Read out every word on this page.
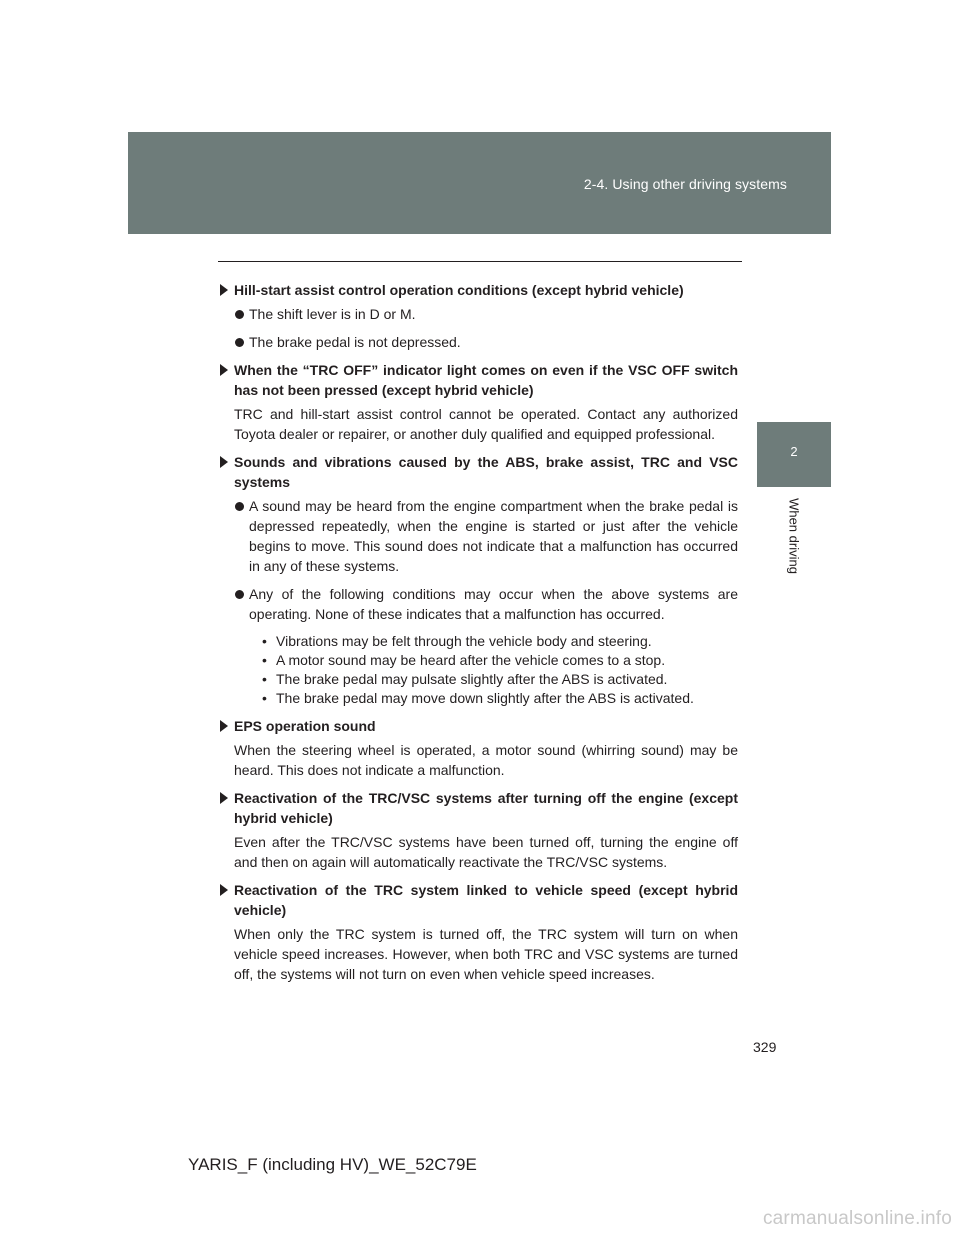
2-4. Using other driving systems
2
When driving
Hill-start assist control operation conditions (except hybrid vehicle)
The shift lever is in D or M.
The brake pedal is not depressed.
When the “TRC OFF” indicator light comes on even if the VSC OFF switch has not been pressed (except hybrid vehicle)
TRC and hill-start assist control cannot be operated. Contact any authorized Toyota dealer or repairer, or another duly qualified and equipped professional.
Sounds and vibrations caused by the ABS, brake assist, TRC and VSC systems
A sound may be heard from the engine compartment when the brake pedal is depressed repeatedly, when the engine is started or just after the vehicle begins to move. This sound does not indicate that a malfunction has occurred in any of these systems.
Any of the following conditions may occur when the above systems are operating. None of these indicates that a malfunction has occurred.
• Vibrations may be felt through the vehicle body and steering.
• A motor sound may be heard after the vehicle comes to a stop.
• The brake pedal may pulsate slightly after the ABS is activated.
• The brake pedal may move down slightly after the ABS is activated.
EPS operation sound
When the steering wheel is operated, a motor sound (whirring sound) may be heard. This does not indicate a malfunction.
Reactivation of the TRC/VSC systems after turning off the engine (except hybrid vehicle)
Even after the TRC/VSC systems have been turned off, turning the engine off and then on again will automatically reactivate the TRC/VSC systems.
Reactivation of the TRC system linked to vehicle speed (except hybrid vehicle)
When only the TRC system is turned off, the TRC system will turn on when vehicle speed increases. However, when both TRC and VSC systems are turned off, the systems will not turn on even when vehicle speed increases.
329
YARIS_F (including HV)_WE_52C79E
carmanualsonline.info
